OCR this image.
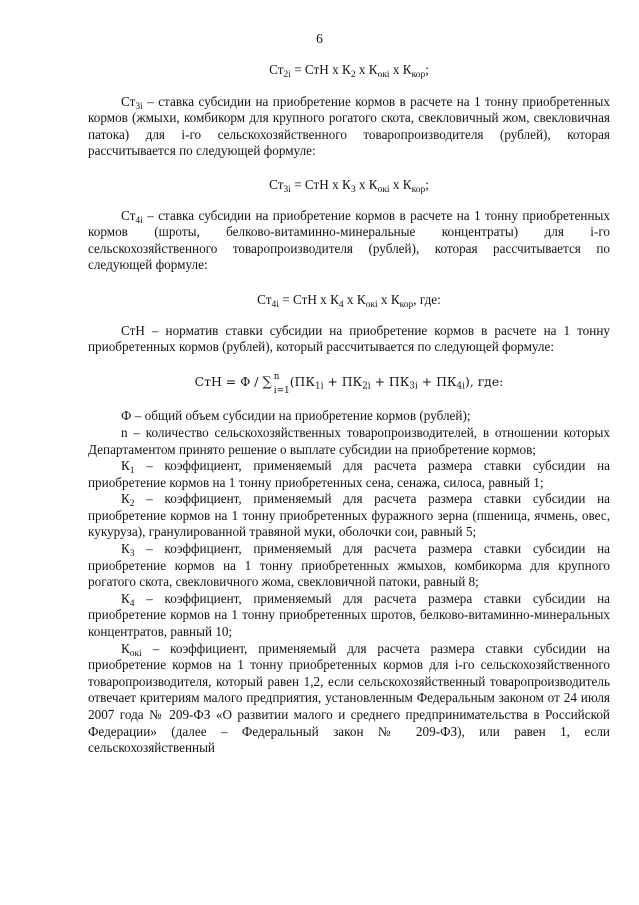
6

$Ст_{2i}$ = СтН х $К_2$ х $К_{окi}$ х $К_{кор}$;

$Ст_{3i}$ – ставка субсидии на приобретение кормов в расчете на 1 тонну приобретенных кормов (жмыхи, комбикорм для крупного рогатого скота, свекловичный жом, свекловичная патока) для i-го сельскохозяйственного товаропроизводителя (рублей), которая рассчитывается по следующей формуле:

$Ст_{3i}$ = СтН х $К_3$ х $К_{окi}$ х $К_{кор}$;

$Ст_{4i}$ – ставка субсидии на приобретение кормов в расчете на 1 тонну приобретенных кормов (шроты, белково-витаминно-минеральные концентраты) для i-го сельскохозяйственного товаропроизводителя (рублей), которая рассчитывается по следующей формуле:

$Ст_{4i}$ = СтН х $К_4$ х $К_{окi}$ х $К_{кор}$, где:

СтН – норматив ставки субсидии на приобретение кормов в расчете на 1 тонну приобретенных кормов (рублей), который рассчитывается по следующей формуле:

СтН = Ф / ∑ n
i=1
$(ПК_{1i} + ПК_{2i} + ПК_{3i} + ПК_{4i})$, где:

Ф – общий объем субсидии на приобретение кормов (рублей);

n – количество сельскохозяйственных товаропроизводителей, в отношении которых Департаментом принято решение о выплате субсидии на приобретение кормов;

$К_1$ – коэффициент, применяемый для расчета размера ставки субсидии на приобретение кормов на 1 тонну приобретенных сена, сенажа, силоса, равный 1;

$К_2$ – коэффициент, применяемый для расчета размера ставки субсидии на приобретение кормов на 1 тонну приобретенных фуражного зерна (пшеница, ячмень, овес, кукуруза), гранулированной травяной муки, оболочки сои, равный 5;

$К_3$ – коэффициент, применяемый для расчета размера ставки субсидии на приобретение кормов на 1 тонну приобретенных жмыхов, комбикорма для крупного рогатого скота, свекловичного жома, свекловичной патоки, равный 8;

$К_4$ – коэффициент, применяемый для расчета размера ставки субсидии на приобретение кормов на 1 тонну приобретенных шротов, белково-витаминно-минеральных концентратов, равный 10;

$К_{окi}$ – коэффициент, применяемый для расчета размера ставки субсидии на приобретение кормов на 1 тонну приобретенных кормов для i-го сельскохозяйственного товаропроизводителя, который равен 1,2, если сельскохозяйственный товаропроизводитель отвечает критериям малого предприятия, установленным Федеральным законом от 24 июля 2007 года № 209-ФЗ «О развитии малого и среднего предпринимательства в Российской Федерации» (далее – Федеральный закон № 209-ФЗ), или равен 1, если сельскохозяйственный
